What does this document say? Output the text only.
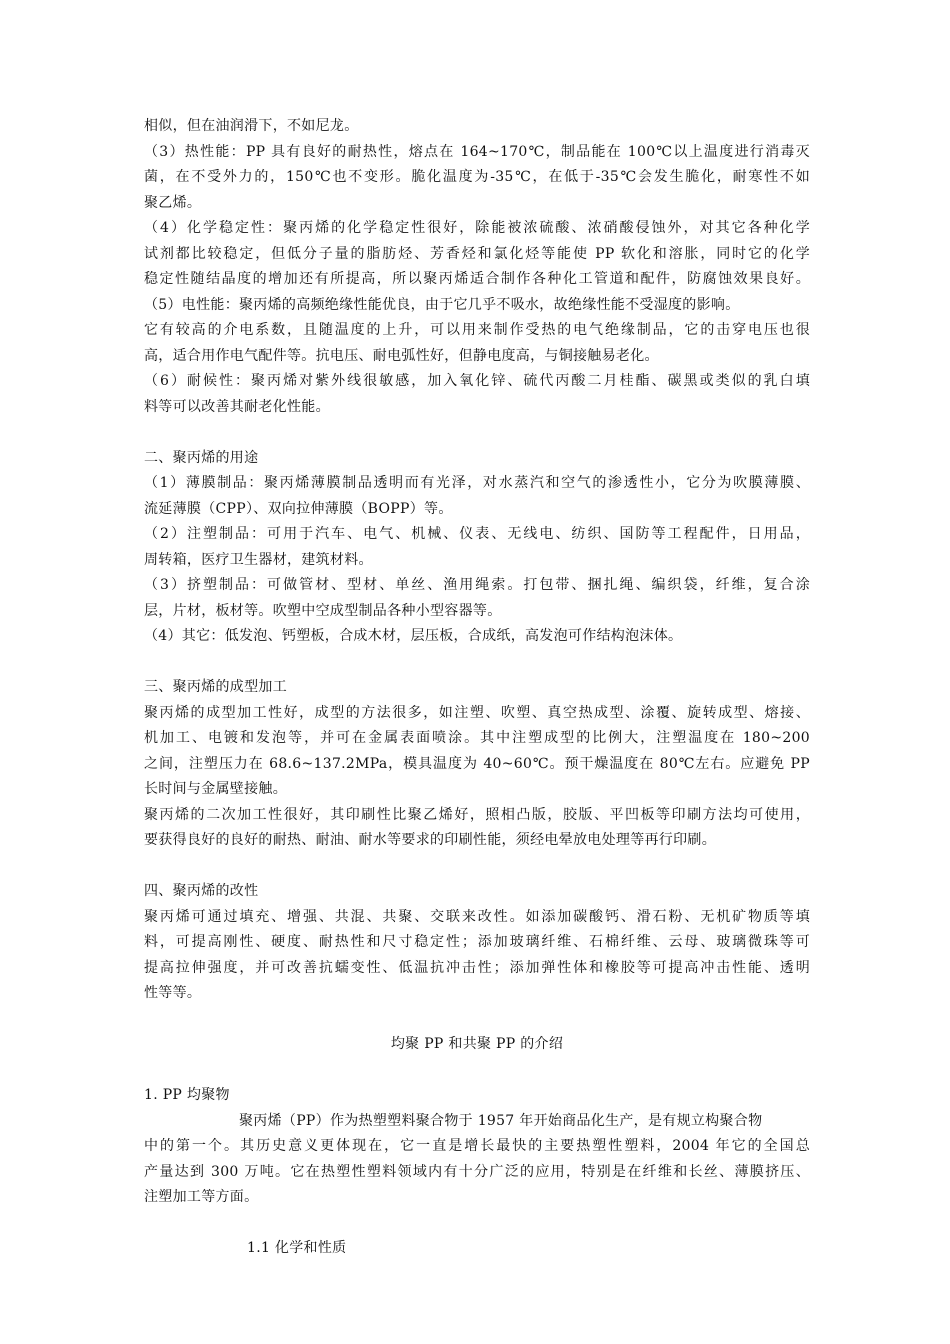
相似，但在油润滑下，不如尼龙。
（3）热性能：PP 具有良好的耐热性，熔点在 164~170℃，制品能在 100℃以上温度进行消毒灭
菌，在不受外力的，150℃也不变形。脆化温度为-35℃，在低于-35℃会发生脆化，耐寒性不如
聚乙烯。
（4）化学稳定性：聚丙烯的化学稳定性很好，除能被浓硫酸、浓硝酸侵蚀外，对其它各种化学
试剂都比较稳定，但低分子量的脂肪烃、芳香烃和氯化烃等能使 PP 软化和溶胀，同时它的化学
稳定性随结晶度的增加还有所提高，所以聚丙烯适合制作各种化工管道和配件，防腐蚀效果良好。
（5）电性能：聚丙烯的高频绝缘性能优良，由于它几乎不吸水，故绝缘性能不受湿度的影响。
它有较高的介电系数，且随温度的上升，可以用来制作受热的电气绝缘制品，它的击穿电压也很
高，适合用作电气配件等。抗电压、耐电弧性好，但静电度高，与铜接触易老化。
（6）耐候性：聚丙烯对紫外线很敏感，加入氧化锌、硫代丙酸二月桂酯、碳黑或类似的乳白填
料等可以改善其耐老化性能。
二、聚丙烯的用途
（1）薄膜制品：聚丙烯薄膜制品透明而有光泽，对水蒸汽和空气的渗透性小，它分为吹膜薄膜、
流延薄膜（CPP）、双向拉伸薄膜（BOPP）等。
（2）注塑制品：可用于汽车、电气、机械、仪表、无线电、纺织、国防等工程配件，日用品，
周转箱，医疗卫生器材，建筑材料。
（3）挤塑制品：可做管材、型材、单丝、渔用绳索。打包带、捆扎绳、编织袋，纤维，复合涂
层，片材，板材等。吹塑中空成型制品各种小型容器等。
（4）其它：低发泡、钙塑板，合成木材，层压板，合成纸，高发泡可作结构泡沫体。
三、聚丙烯的成型加工
聚丙烯的成型加工性好，成型的方法很多，如注塑、吹塑、真空热成型、涂覆、旋转成型、熔接、
机加工、电镀和发泡等，并可在金属表面喷涂。其中注塑成型的比例大，注塑温度在 180~200
之间，注塑压力在 68.6~137.2MPa，模具温度为 40~60℃。预干燥温度在 80℃左右。应避免 PP
长时间与金属壁接触。
聚丙烯的二次加工性很好，其印刷性比聚乙烯好，照相凸版，胶版、平凹板等印刷方法均可使用，
要获得良好的良好的耐热、耐油、耐水等要求的印刷性能，须经电晕放电处理等再行印刷。
四、聚丙烯的改性
聚丙烯可通过填充、增强、共混、共聚、交联来改性。如添加碳酸钙、滑石粉、无机矿物质等填
料，可提高刚性、硬度、耐热性和尺寸稳定性；添加玻璃纤维、石棉纤维、云母、玻璃微珠等可
提高拉伸强度，并可改善抗蠕变性、低温抗冲击性；添加弹性体和橡胶等可提高冲击性能、透明
性等等。
均聚 PP 和共聚 PP 的介绍
1. PP 均聚物
聚丙烯（PP）作为热塑塑料聚合物于 1957 年开始商品化生产，是有规立构聚合物
中的第一个。其历史意义更体现在，它一直是增长最快的主要热塑性塑料，2004 年它的全国总
产量达到 300 万吨。它在热塑性塑料领域内有十分广泛的应用，特别是在纤维和长丝、薄膜挤压、
注塑加工等方面。
1.1 化学和性质
